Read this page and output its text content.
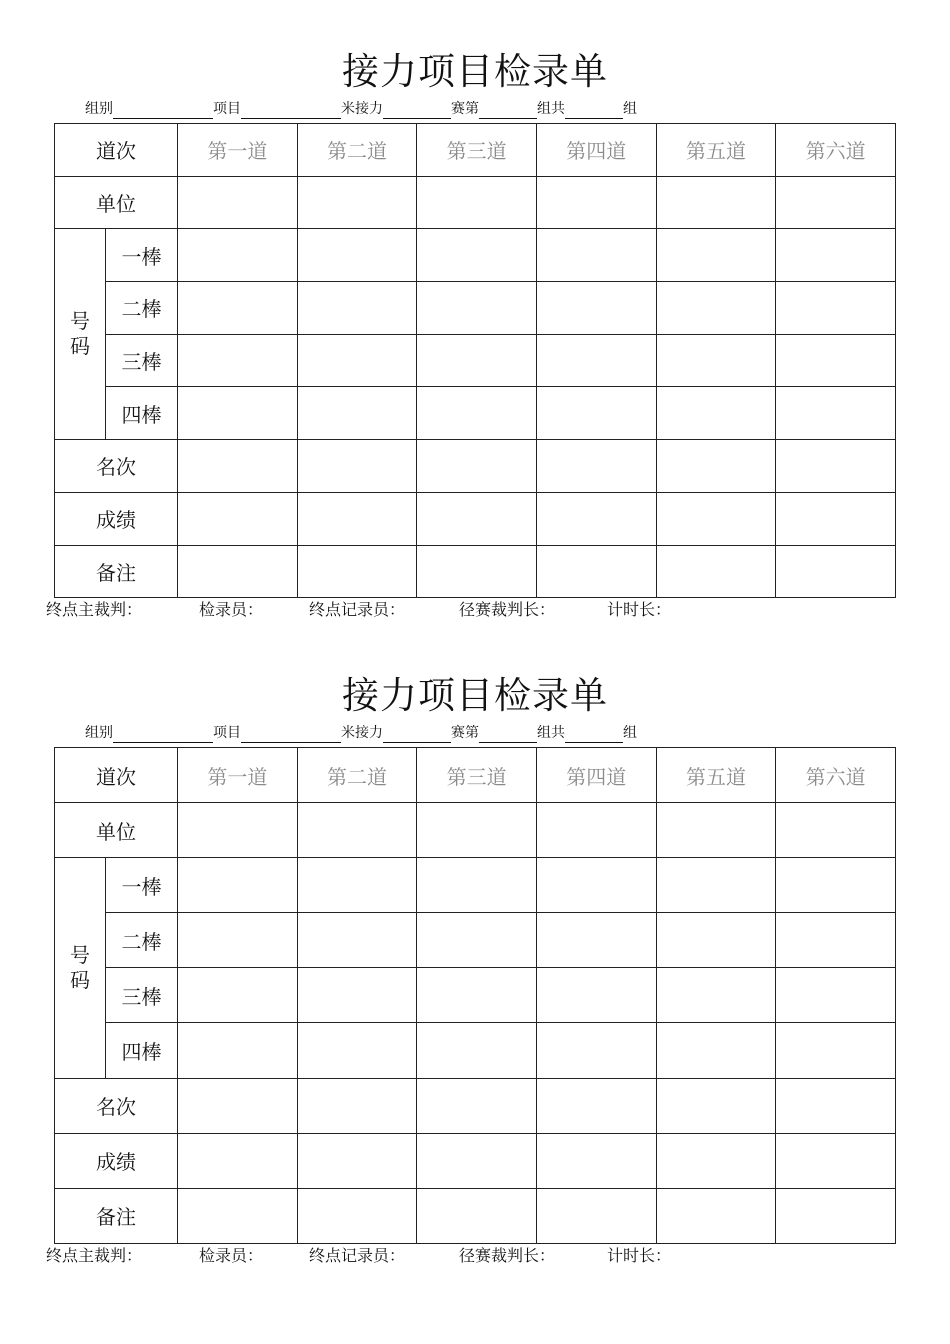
接力项目检录单
组别	项目	米接力	赛第	组共	组
道次		第一道	第二道	第三道	第四道	第五道	第六道
单位							

号
码	一棒						
	二棒						
	三棒						
	四棒						
名次							
成绩							
备注							
终点主裁判：	检录员：	终点记录员：	径赛裁判长：	计时长：
接力项目检录单
组别	项目	米接力	赛第	组共	组
道次		第一道	第二道	第三道	第四道	第五道	第六道
单位							

号
码	一棒						
	二棒						
	三棒						
	四棒						
名次							
成绩							
备注							
终点主裁判：	检录员：	终点记录员：	径赛裁判长：	计时长：
